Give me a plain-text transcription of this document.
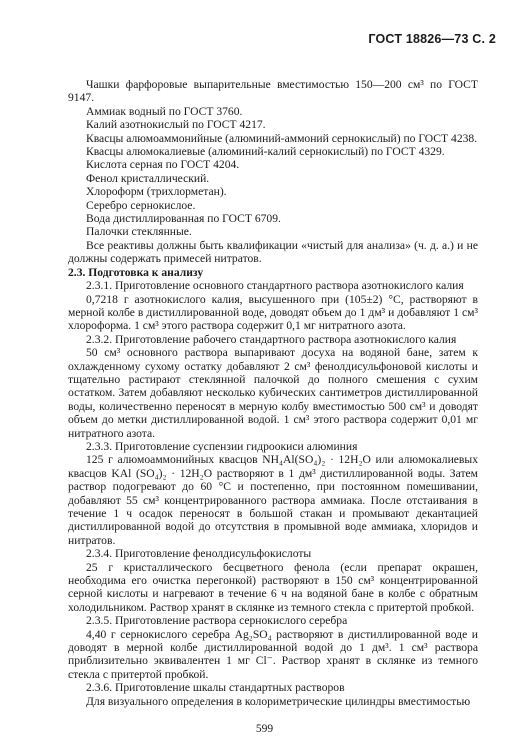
ГОСТ 18826—73 С. 2

Чашки фарфоровые выпарительные вместимостью 150—200 см³ по ГОСТ 9147.

Аммиак водный по ГОСТ 3760.

Калий азотнокислый по ГОСТ 4217.

Квасцы алюмоаммонийные (алюминий-аммоний сернокислый) по ГОСТ 4238.

Квасцы алюмокалиевые (алюминий-калий сернокислый) по ГОСТ 4329.

Кислота серная по ГОСТ 4204.

Фенол кристаллический.

Хлороформ (трихлорметан).

Серебро сернокислое.

Вода дистиллированная по ГОСТ 6709.

Палочки стеклянные.

Все реактивы должны быть квалификации «чистый для анализа» (ч. д. а.) и не должны содержать примесей нитратов.

2.3. Подготовка к анализу

2.3.1. Приготовление основного стандартного раствора азотнокислого калия

0,7218 г азотнокислого калия, высушенного при (105±2) °С, растворяют в мерной колбе в дистиллированной воде, доводят объем до 1 дм³ и добавляют 1 см³ хлороформа. 1 см³ этого раствора содержит 0,1 мг нитратного азота.

2.3.2. Приготовление рабочего стандартного раствора азотнокислого калия

50 см³ основного раствора выпаривают досуха на водяной бане, затем к охлажденному сухому остатку добавляют 2 см³ фенолдисульфоновой кислоты и тщательно растирают стеклянной палочкой до полного смешения с сухим остатком. Затем добавляют несколько кубических сантиметров дистиллированной воды, количественно переносят в мерную колбу вместимостью 500 см³ и доводят объем до метки дистиллированной водой. 1 см³ этого раствора содержит 0,01 мг нитратного азота.

2.3.3. Приготовление суспензии гидроокиси алюминия

125 г алюмоаммонийных квасцов NH₄Al(SO₄)₂ · 12H₂O или алюмокалиевых квасцов KAl (SO₄)₂ · 12H₂O растворяют в 1 дм³ дистиллированной воды. Затем раствор подогревают до 60 °С и постепенно, при постоянном помешивании, добавляют 55 см³ концентрированного раствора аммиака. После отстаивания в течение 1 ч осадок переносят в большой стакан и промывают декантацией дистиллированной водой до отсутствия в промывной воде аммиака, хлоридов и нитратов.

2.3.4. Приготовление фенолдисульфокислоты

25 г кристаллического бесцветного фенола (если препарат окрашен, необходима его очистка перегонкой) растворяют в 150 см³ концентрированной серной кислоты и нагревают в течение 6 ч на водяной бане в колбе с обратным холодильником. Раствор хранят в склянке из темного стекла с притертой пробкой.

2.3.5. Приготовление раствора сернокислого серебра

4,40 г сернокислого серебра Ag₂SO₄ растворяют в дистиллированной воде и доводят в мерной колбе дистиллированной водой до 1 дм³. 1 см³ раствора приблизительно эквивалентен 1 мг Cl⁻. Раствор хранят в склянке из темного стекла с притертой пробкой.

2.3.6. Приготовление шкалы стандартных растворов

Для визуального определения в колориметрические цилиндры вместимостью

599
